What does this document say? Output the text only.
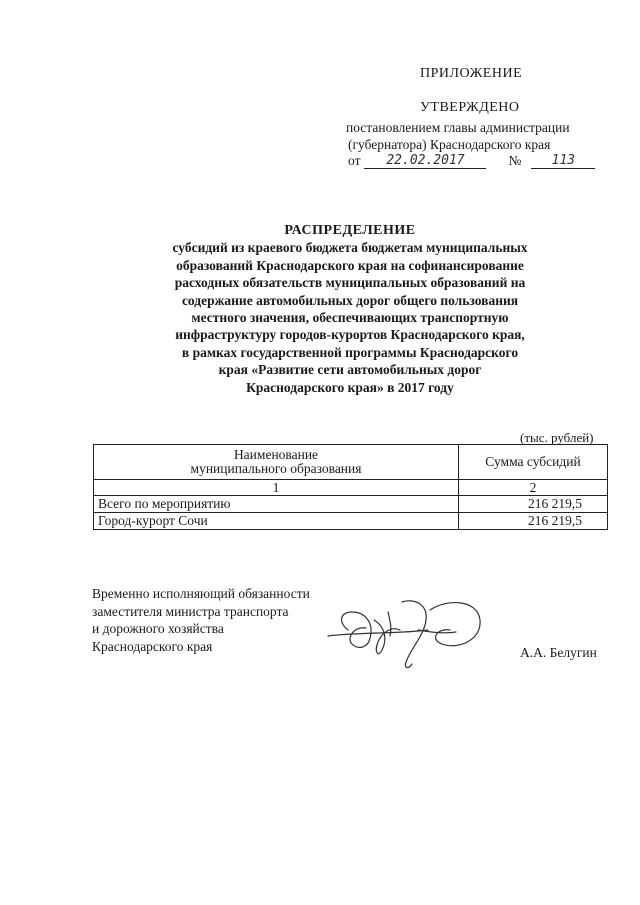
ПРИЛОЖЕНИЕ
УТВЕРЖДЕНО
постановлением главы администрации
(губернатора) Краснодарского края
от	22.02.2017	№	113
РАСПРЕДЕЛЕНИЕ
субсидий из краевого бюджета бюджетам муниципальных
образований Краснодарского края на софинансирование
расходных обязательств муниципальных образований на
содержание автомобильных дорог общего пользования
местного значения, обеспечивающих транспортную
инфраструктуру городов-курортов Краснодарского края,
в рамках государственной программы Краснодарского
края «Развитие сети автомобильных дорог
Краснодарского края» в 2017 году
(тыс. рублей)
Наименование
муниципального образования	Сумма субсидий
1	2
Всего по мероприятию	216 219,5
Город-курорт Сочи	216 219,5
Временно исполняющий обязанности
заместителя министра транспорта
и дорожного хозяйства
Краснодарского края	А.А. Белугин
